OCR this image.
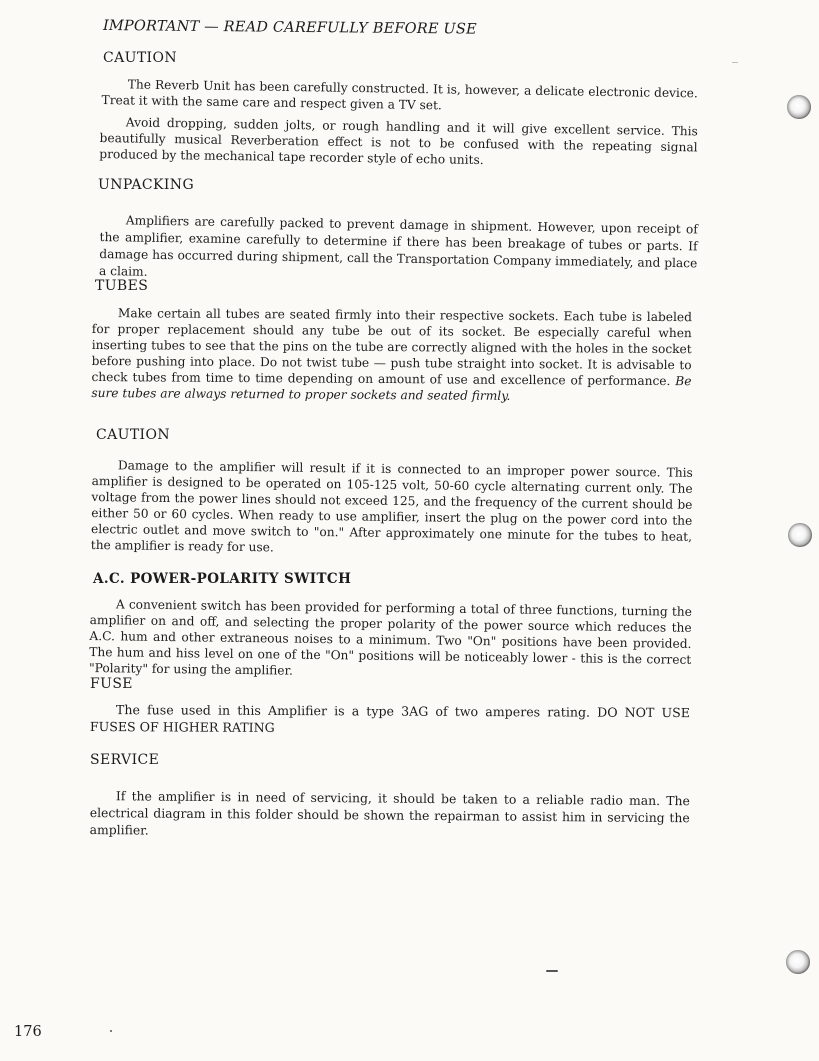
IMPORTANT — READ CAREFULLY BEFORE USE
CAUTION

The Reverb Unit has been carefully constructed. It is, however, a delicate electronic device. Treat it with the same care and respect given a TV set.

Avoid dropping, sudden jolts, or rough handling and it will give excellent service. This beautifully musical Reverberation effect is not to be confused with the repeating signal produced by the mechanical tape recorder style of echo units.

UNPACKING

Amplifiers are carefully packed to prevent damage in shipment. However, upon receipt of the amplifier, examine carefully to determine if there has been breakage of tubes or parts. If damage has occurred during shipment, call the Transportation Company immediately, and place a claim.

TUBES

Make certain all tubes are seated firmly into their respective sockets. Each tube is labeled for proper replacement should any tube be out of its socket. Be especially careful when inserting tubes to see that the pins on the tube are correctly aligned with the holes in the socket before pushing into place. Do not twist tube — push tube straight into socket. It is advisable to check tubes from time to time depending on amount of use and excellence of performance. Be sure tubes are always returned to proper sockets and seated firmly.

CAUTION

Damage to the amplifier will result if it is connected to an improper power source. This amplifier is designed to be operated on 105-125 volt, 50-60 cycle alternating current only. The voltage from the power lines should not exceed 125, and the frequency of the current should be either 50 or 60 cycles. When ready to use amplifier, insert the plug on the power cord into the electric outlet and move switch to "on." After approximately one minute for the tubes to heat, the amplifier is ready for use.

A.C. POWER-POLARITY SWITCH

A convenient switch has been provided for performing a total of three functions, turning the amplifier on and off, and selecting the proper polarity of the power source which reduces the A.C. hum and other extraneous noises to a minimum. Two "On" positions have been provided. The hum and hiss level on one of the "On" positions will be noticeably lower - this is the correct "Polarity" for using the amplifier.

FUSE

The fuse used in this Amplifier is a type 3AG of two amperes rating. DO NOT USE FUSES OF HIGHER RATING

SERVICE

If the amplifier is in need of servicing, it should be taken to a reliable radio man. The electrical diagram in this folder should be shown the repairman to assist him in servicing the amplifier.

176
